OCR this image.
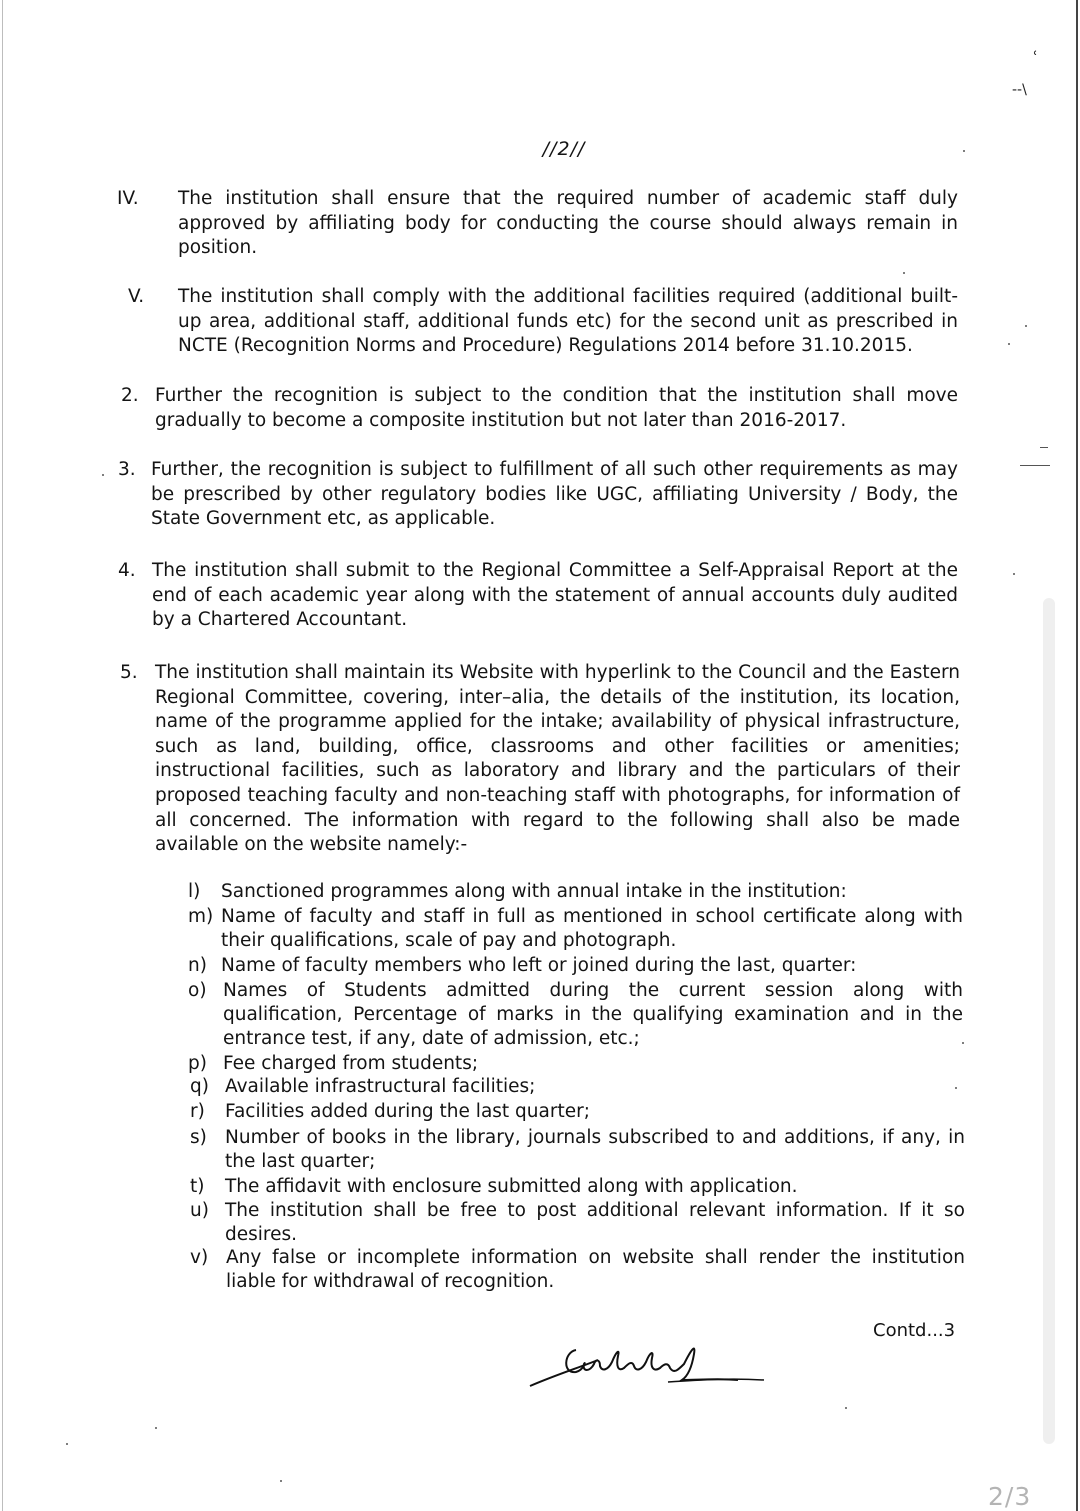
ʿ
--\
//2//
IV. The institution shall ensure that the required number of academic staff duly approved by affiliating body for conducting the course should always remain in position.
V. The institution shall comply with the additional facilities required (additional built-up area, additional staff, additional funds etc) for the second unit as prescribed in NCTE (Recognition Norms and Procedure) Regulations 2014 before 31.10.2015.
2. Further the recognition is subject to the condition that the institution shall move gradually to become a composite institution but not later than 2016-2017.
3. Further, the recognition is subject to fulfillment of all such other requirements as may be prescribed by other regulatory bodies like UGC, affiliating University / Body, the State Government etc, as applicable.
4. The institution shall submit to the Regional Committee a Self-Appraisal Report at the end of each academic year along with the statement of annual accounts duly audited by a Chartered Accountant.
5. The institution shall maintain its Website with hyperlink to the Council and the Eastern Regional Committee, covering, inter–alia, the details of the institution, its location, name of the programme applied for the intake; availability of physical infrastructure, such as land, building, office, classrooms and other facilities or amenities; instructional facilities, such as laboratory and library and the particulars of their proposed teaching faculty and non-teaching staff with photographs, for information of all concerned. The information with regard to the following shall also be made available on the website namely:-
l) Sanctioned programmes along with annual intake in the institution:
m) Name of faculty and staff in full as mentioned in school certificate along with their qualifications, scale of pay and photograph.
n) Name of faculty members who left or joined during the last, quarter:
o) Names of Students admitted during the current session along with qualification, Percentage of marks in the qualifying examination and in the entrance test, if any, date of admission, etc.;
p) Fee charged from students;
q) Available infrastructural facilities;
r) Facilities added during the last quarter;
s) Number of books in the library, journals subscribed to and additions, if any, in the last quarter;
t) The affidavit with enclosure submitted along with application.
u) The institution shall be free to post additional relevant information. If it so desires.
v) Any false or incomplete information on website shall render the institution liable for withdrawal of recognition.
Contd...3
2/3
